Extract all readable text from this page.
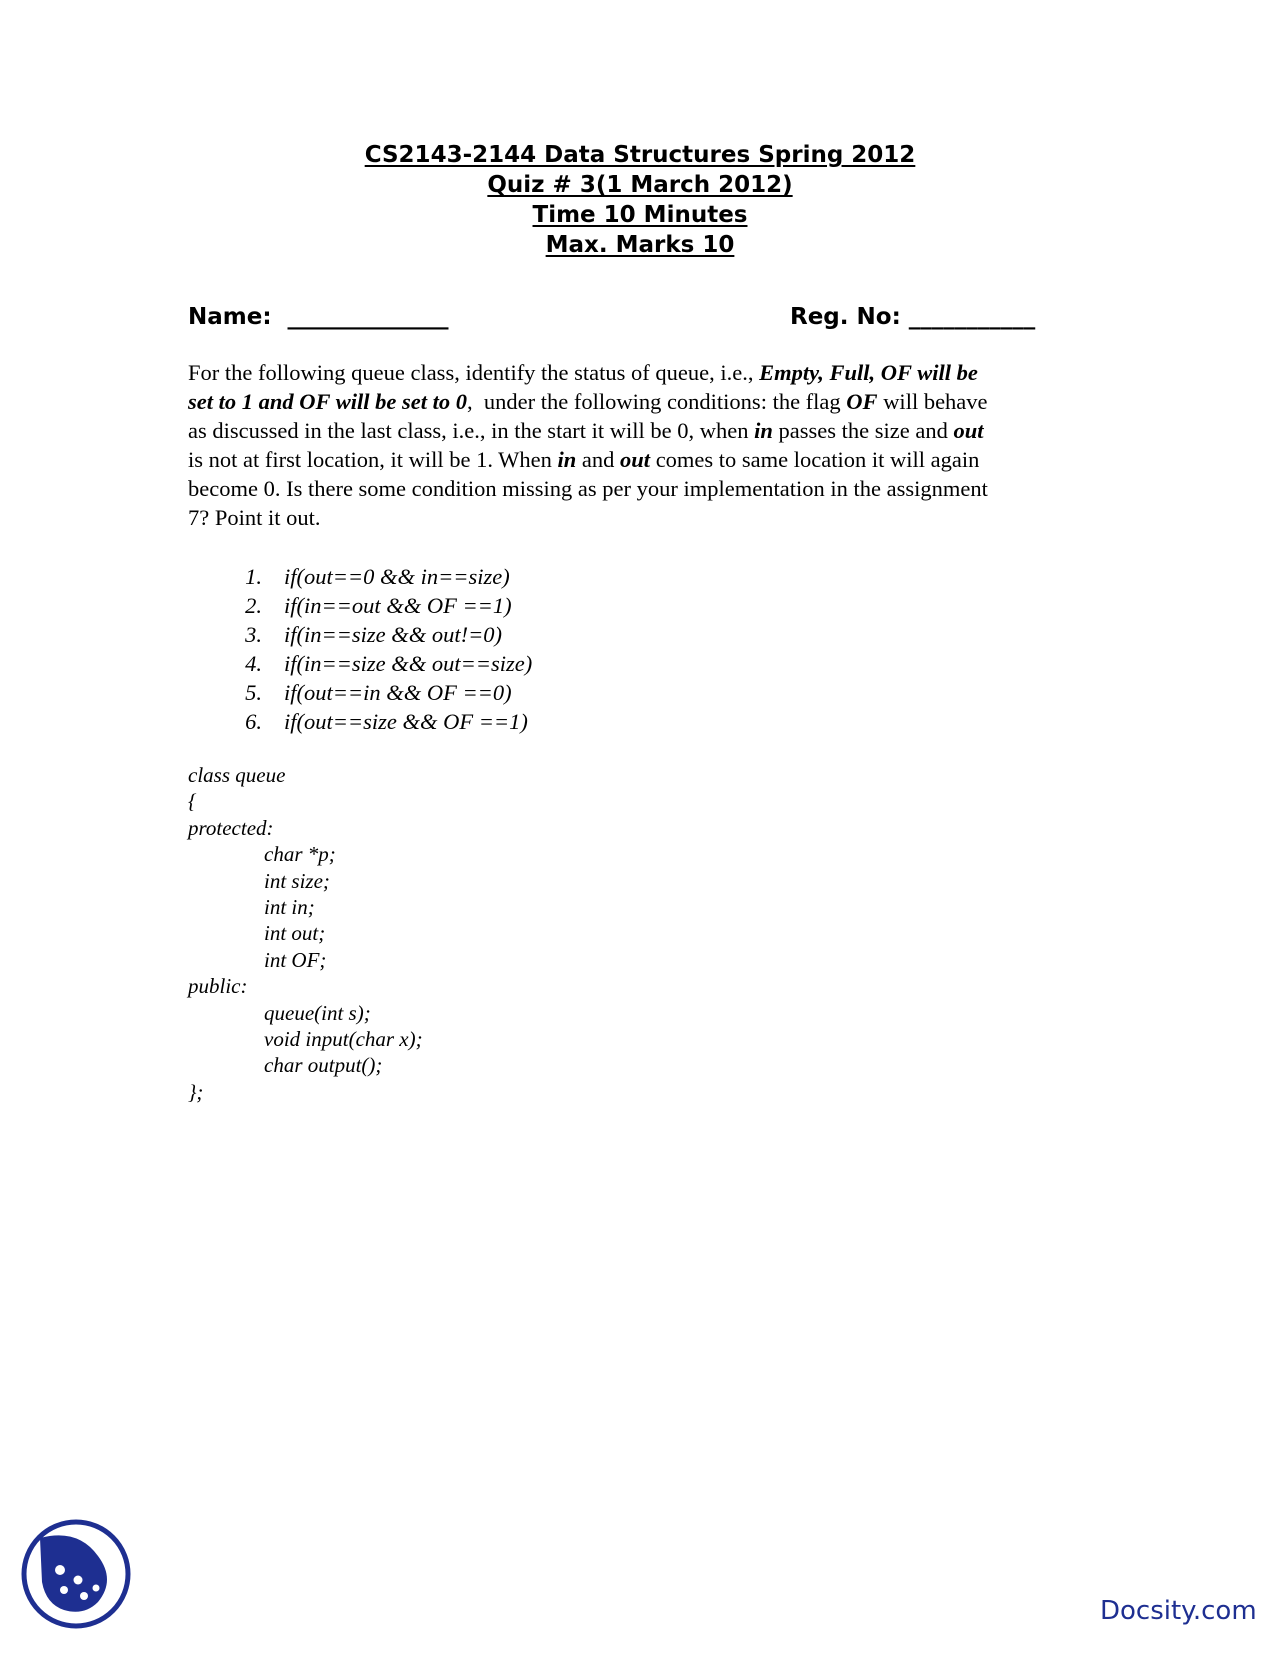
CS2143-2144 Data Structures Spring 2012
Quiz # 3(1 March 2012)
Time 10 Minutes
Max. Marks 10
Name:  ______________	Reg. No: ___________
For the following queue class, identify the status of queue, i.e., Empty, Full, OF will be
set to 1 and OF will be set to 0,  under the following conditions: the flag OF will behave
as discussed in the last class, i.e., in the start it will be 0, when in passes the size and out
is not at first location, it will be 1. When in and out comes to same location it will again
become 0. Is there some condition missing as per your implementation in the assignment
7? Point it out.
1. if(out==0 && in==size)
2. if(in==out && OF ==1)
3. if(in==size && out!=0)
4. if(in==size && out==size)
5. if(out==in && OF ==0)
6. if(out==size && OF ==1)
class queue
{
protected:
char *p;
int size;
int in;
int out;
int OF;
public:
queue(int s);
void input(char x);
char output();
};
Docsity.com
